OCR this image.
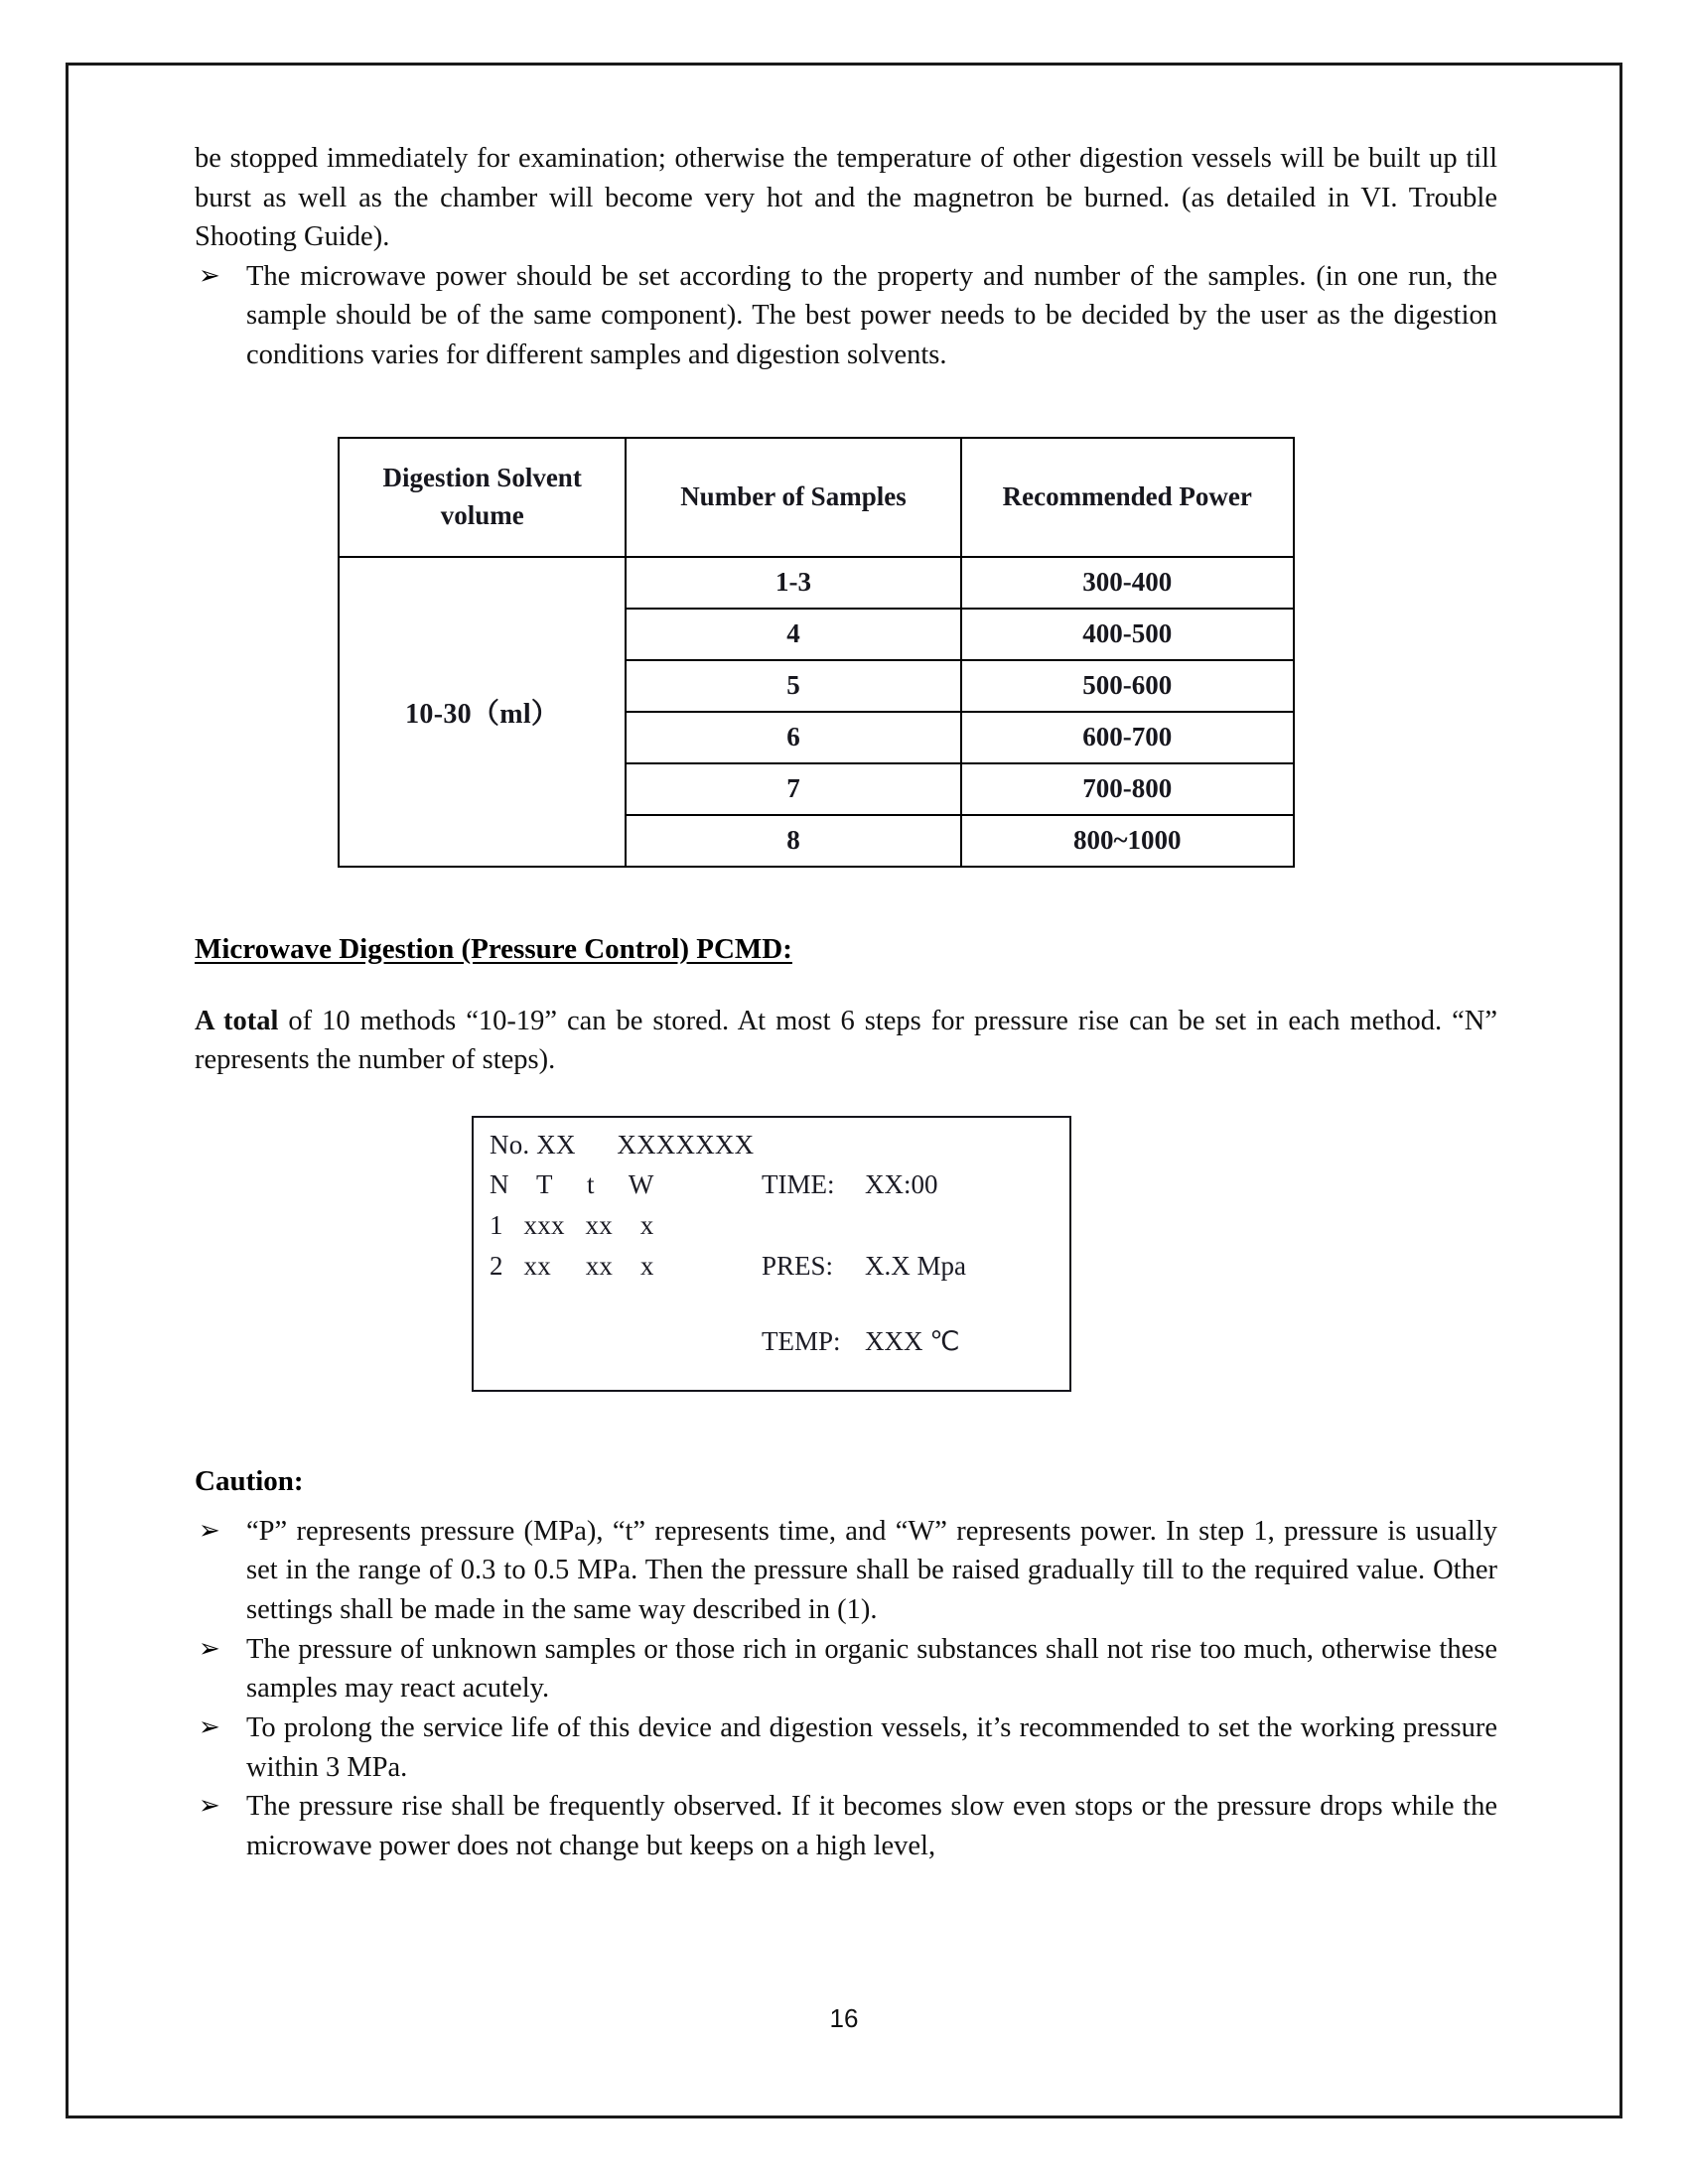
be stopped immediately for examination; otherwise the temperature of other digestion vessels will be built up till burst as well as the chamber will become very hot and the magnetron be burned. (as detailed in VI. Trouble Shooting Guide).

➢ The microwave power should be set according to the property and number of the samples. (in one run, the sample should be of the same component). The best power needs to be decided by the user as the digestion conditions varies for different samples and digestion solvents.
Digestion Solvent
volume	Number of Samples	Recommended Power
10-30（ml）	1-3	300-400
	4	400-500
	5	500-600
	6	600-700
	7	700-800
	8	800~1000
Microwave Digestion (Pressure Control) PCMD:

A total of 10 methods “10-19” can be stored. At most 6 steps for pressure rise can be set in each method. “N” represents the number of steps).

No. XX      XXXXXXX
N    T     t     W
1   xxx   xx    x
2   xx     xx    x
TIME: XX:00
PRES: X.X Mpa
TEMP: XXX ℃
Caution:
➢ “P” represents pressure (MPa), “t” represents time, and “W” represents power. In step 1, pressure is usually set in the range of 0.3 to 0.5 MPa. Then the pressure shall be raised gradually till to the required value. Other settings shall be made in the same way described in (1).
➢ The pressure of unknown samples or those rich in organic substances shall not rise too much, otherwise these samples may react acutely.
➢ To prolong the service life of this device and digestion vessels, it’s recommended to set the working pressure within 3 MPa.
➢ The pressure rise shall be frequently observed. If it becomes slow even stops or the pressure drops while the microwave power does not change but keeps on a high level,
16
